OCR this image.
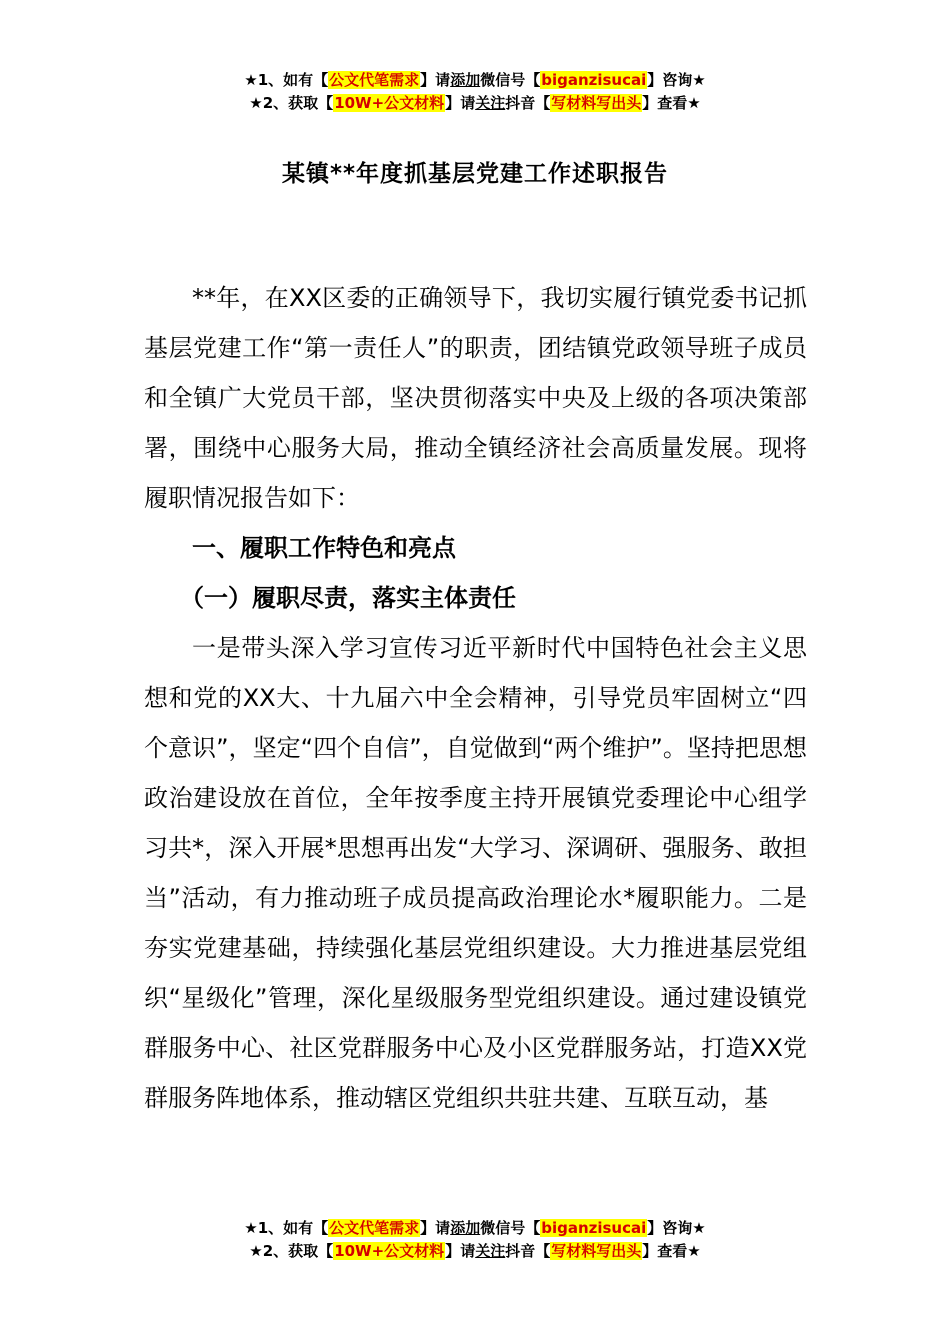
★1、如有【公文代笔需求】请添加微信号【biganzisucai】咨询★
★2、获取【10W+公文材料】请关注抖音【写材料写出头】查看★
某镇**年度抓基层党建工作述职报告

**年，在XX区委的正确领导下，我切实履行镇党委书记抓基层党建工作“第一责任人”的职责，团结镇党政领导班子成员和全镇广大党员干部，坚决贯彻落实中央及上级的各项决策部署，围绕中心服务大局，推动全镇经济社会高质量发展。现将履职情况报告如下：

一、履职工作特色和亮点
（一）履职尽责，落实主体责任

一是带头深入学习宣传习近平新时代中国特色社会主义思想和党的XX大、十九届六中全会精神，引导党员牢固树立“四个意识”，坚定“四个自信”，自觉做到“两个维护”。坚持把思想政治建设放在首位，全年按季度主持开展镇党委理论中心组学习共*，深入开展*思想再出发“大学习、深调研、强服务、敢担当”活动，有力推动班子成员提高政治理论水*履职能力。二是夯实党建基础，持续强化基层党组织建设。大力推进基层党组织“星级化”管理，深化星级服务型党组织建设。通过建设镇党群服务中心、社区党群服务中心及小区党群服务站，打造XX党群服务阵地体系，推动辖区党组织共驻共建、互联互动，基

★1、如有【公文代笔需求】请添加微信号【biganzisucai】咨询★
★2、获取【10W+公文材料】请关注抖音【写材料写出头】查看★
